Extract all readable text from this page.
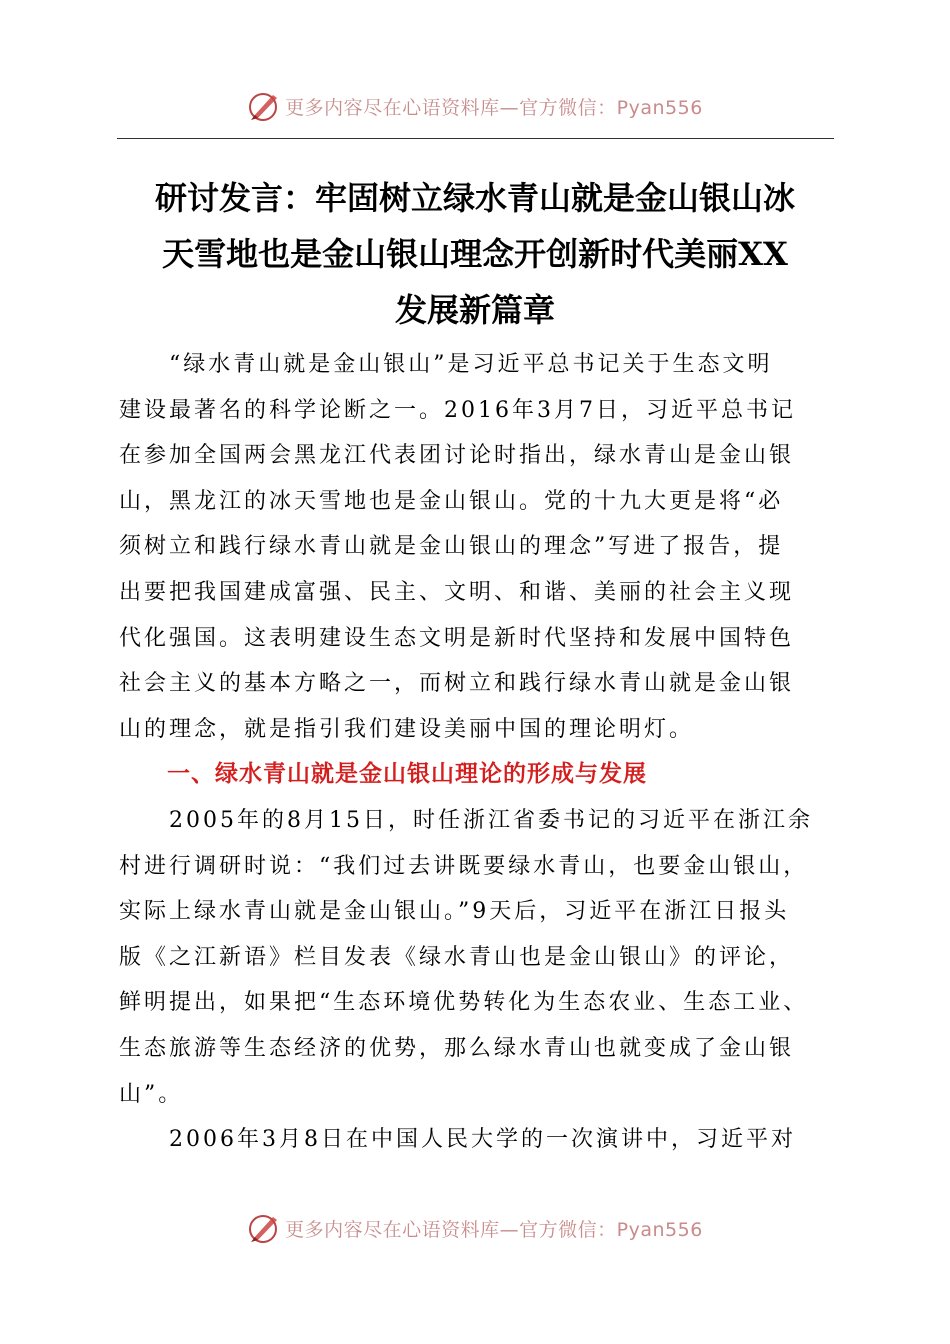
更多内容尽在心语资料库—官方微信：Pyan556
研讨发言：牢固树立绿水青山就是金山银山冰
天雪地也是金山银山理念开创新时代美丽XX
发展新篇章
　　“绿水青山就是金山银山”是习近平总书记关于生态文明
建设最著名的科学论断之一。2016年3月7日，习近平总书记
在参加全国两会黑龙江代表团讨论时指出，绿水青山是金山银
山，黑龙江的冰天雪地也是金山银山。党的十九大更是将“必
须树立和践行绿水青山就是金山银山的理念”写进了报告，提
出要把我国建成富强、民主、文明、和谐、美丽的社会主义现
代化强国。这表明建设生态文明是新时代坚持和发展中国特色
社会主义的基本方略之一，而树立和践行绿水青山就是金山银
山的理念，就是指引我们建设美丽中国的理论明灯。
　　一、绿水青山就是金山银山理论的形成与发展
　　2005年的8月15日，时任浙江省委书记的习近平在浙江余
村进行调研时说：“我们过去讲既要绿水青山，也要金山银山，
实际上绿水青山就是金山银山。”9天后，习近平在浙江日报头
版《之江新语》栏目发表《绿水青山也是金山银山》的评论，
鲜明提出，如果把“生态环境优势转化为生态农业、生态工业、
生态旅游等生态经济的优势，那么绿水青山也就变成了金山银
山”。
　　2006年3月8日在中国人民大学的一次演讲中，习近平对
更多内容尽在心语资料库—官方微信：Pyan556
